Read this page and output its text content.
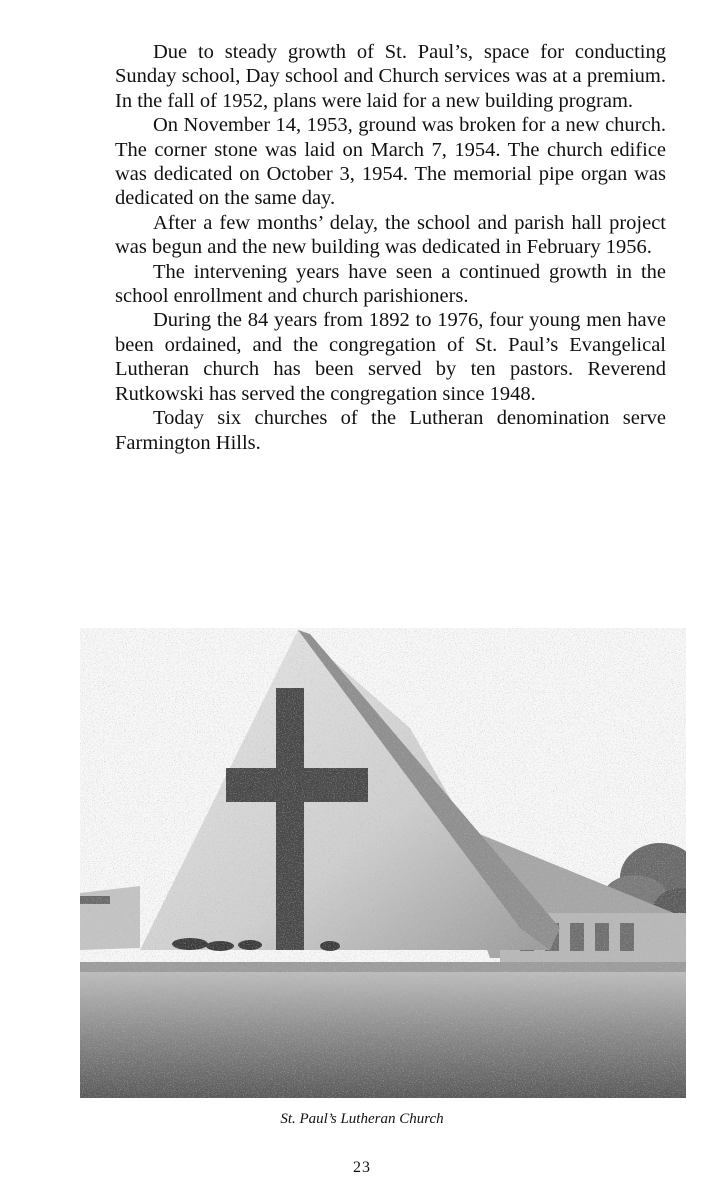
Due to steady growth of St. Paul’s, space for conducting Sunday school, Day school and Church services was at a premium. In the fall of 1952, plans were laid for a new building program.

On November 14, 1953, ground was broken for a new church. The corner stone was laid on March 7, 1954. The church edifice was dedicated on October 3, 1954. The memorial pipe organ was dedicated on the same day.

After a few months’ delay, the school and parish hall project was begun and the new building was dedicated in February 1956.

The intervening years have seen a continued growth in the school enrollment and church parishioners.

During the 84 years from 1892 to 1976, four young men have been ordained, and the congregation of St. Paul’s Evangelical Lutheran church has been served by ten pastors. Reverend Rutkowski has served the congregation since 1948.

Today six churches of the Lutheran denomination serve Farmington Hills.

St. Paul’s Lutheran Church
23
